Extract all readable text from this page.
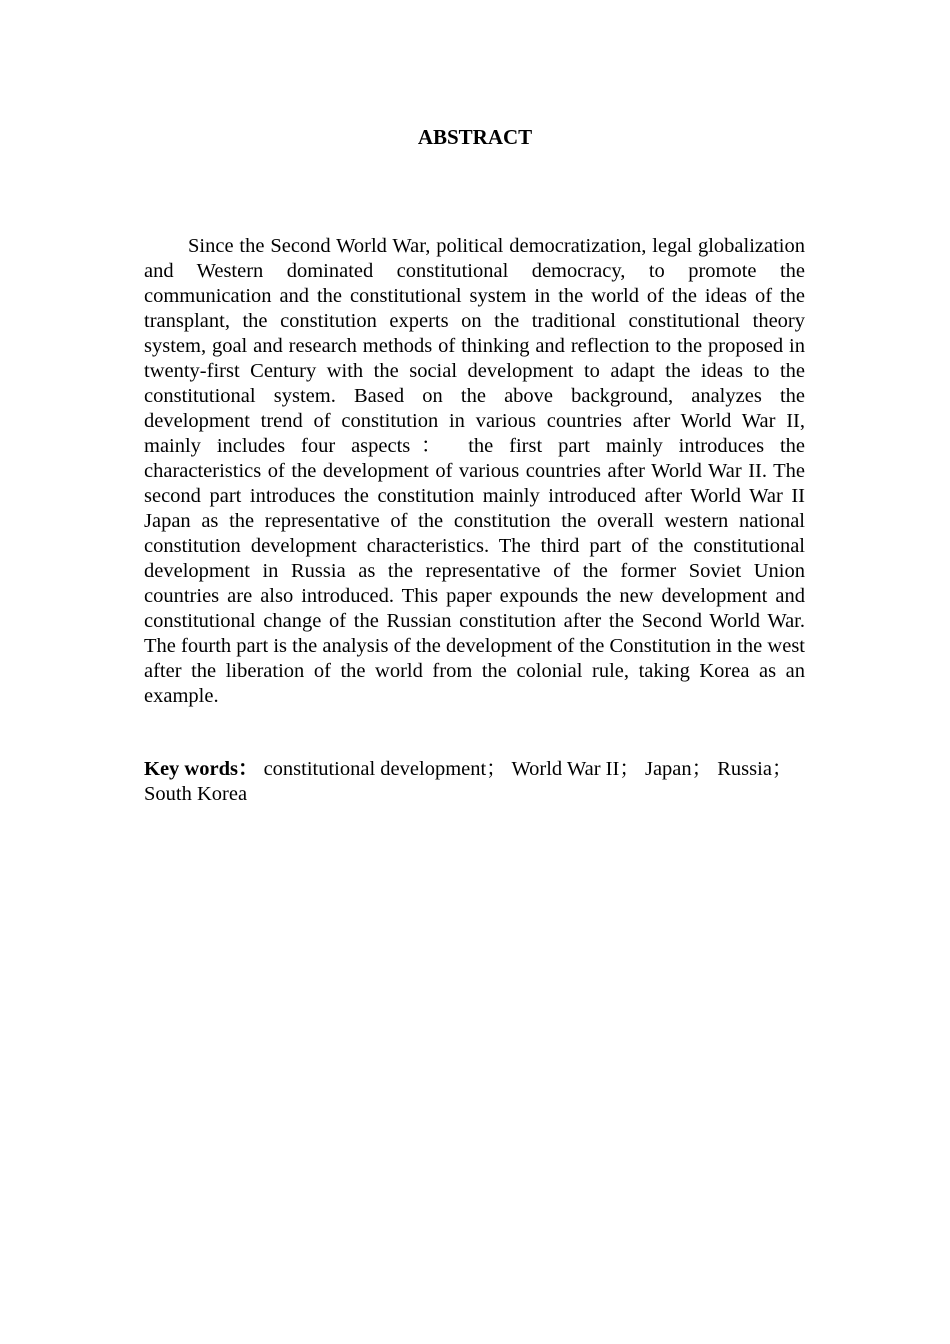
ABSTRACT

Since the Second World War, political democratization, legal globalization and Western dominated constitutional democracy, to promote the communication and the constitutional system in the world of the ideas of the transplant, the constitution experts on the traditional constitutional theory system, goal and research methods of thinking and reflection to the proposed in twenty-first Century with the social development to adapt the ideas to the constitutional system. Based on the above background, analyzes the development trend of constitution in various countries after World War II, mainly includes four aspects： the first part mainly introduces the characteristics of the development of various countries after World War II. The second part introduces the constitution mainly introduced after World War II Japan as the representative of the constitution the overall western national constitution development characteristics. The third part of the constitutional development in Russia as the representative of the former Soviet Union countries are also introduced. This paper expounds the new development and constitutional change of the Russian constitution after the Second World War. The fourth part is the analysis of the development of the Constitution in the west after the liberation of the world from the colonial rule, taking Korea as an example.

Key words： constitutional development； World War II； Japan； Russia； South Korea
